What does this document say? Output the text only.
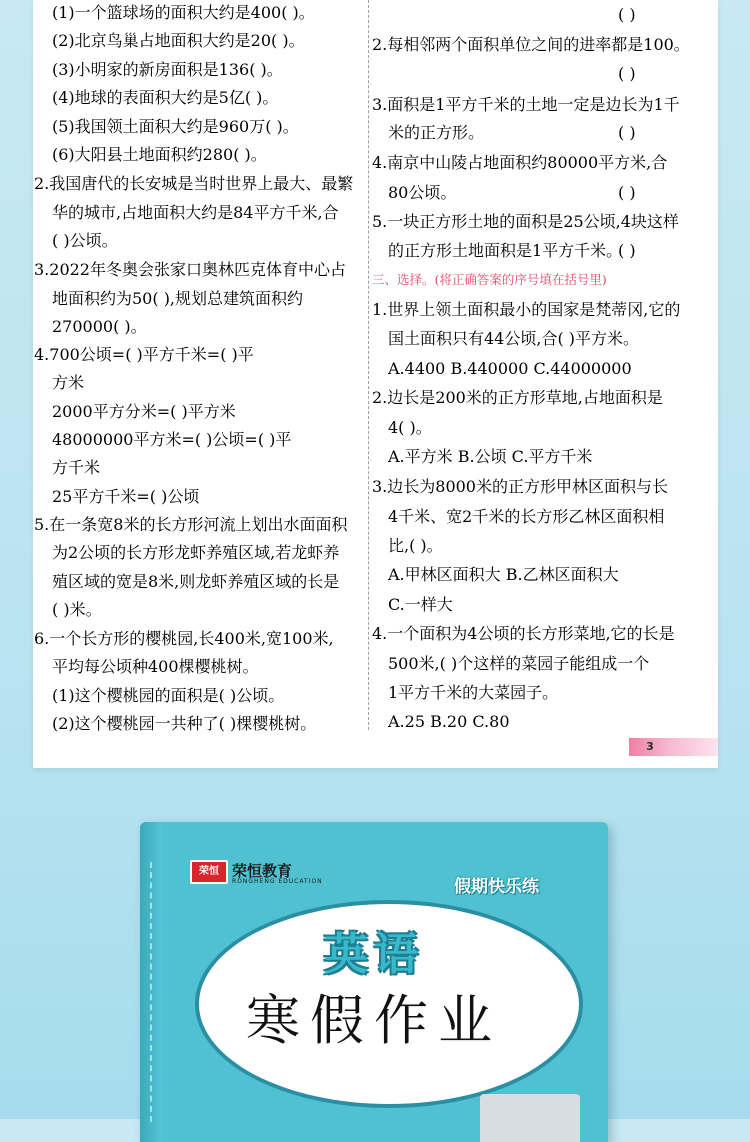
(1)一个篮球场的面积大约是400( )。
(2)北京鸟巢占地面积大约是20( )。
(3)小明家的新房面积是136( )。
(4)地球的表面积大约是5亿( )。
(5)我国领土面积大约是960万( )。
(6)大阳县土地面积约280( )。
2.我国唐代的长安城是当时世界上最大、最繁
华的城市,占地面积大约是84平方千米,合
( )公顷。
3.2022年冬奥会张家口奥林匹克体育中心占
地面积约为50( ),规划总建筑面积约
270000( )。
4.700公顷=( )平方千米=( )平
方米
2000平方分米=( )平方米
48000000平方米=( )公顷=( )平
方千米
25平方千米=( )公顷
5.在一条宽8米的长方形河流上划出水面面积
为2公顷的长方形龙虾养殖区域,若龙虾养
殖区域的宽是8米,则龙虾养殖区域的长是
( )米。
6.一个长方形的樱桃园,长400米,宽100米,
平均每公顷种400棵樱桃树。
(1)这个樱桃园的面积是( )公顷。
(2)这个樱桃园一共种了( )棵樱桃树。
( )
2.每相邻两个面积单位之间的进率都是100。
( )
3.面积是1平方千米的土地一定是边长为1千
米的正方形。	( )
4.南京中山陵占地面积约80000平方米,合
80公顷。	( )
5.一块正方形土地的面积是25公顷,4块这样
的正方形土地面积是1平方千米。
( )
三、选择。(将正确答案的序号填在括号里)
1.世界上领土面积最小的国家是梵蒂冈,它的
国土面积只有44公顷,合( )平方米。
A.4400 B.440000 C.44000000
2.边长是200米的正方形草地,占地面积是
4( )。
A.平方米 B.公顷 C.平方千米
3.边长为8000米的正方形甲林区面积与长
4千米、宽2千米的长方形乙林区面积相
比,( )。
A.甲林区面积大 B.乙林区面积大
C.一样大
4.一个面积为4公顷的长方形菜地,它的长是
500米,( )个这样的菜园子能组成一个
1平方千米的大菜园子。
A.25 B.20 C.80
3
荣恒 荣恒教育
RONGHENG EDUCATION	假期快乐练
英语
寒假作业
